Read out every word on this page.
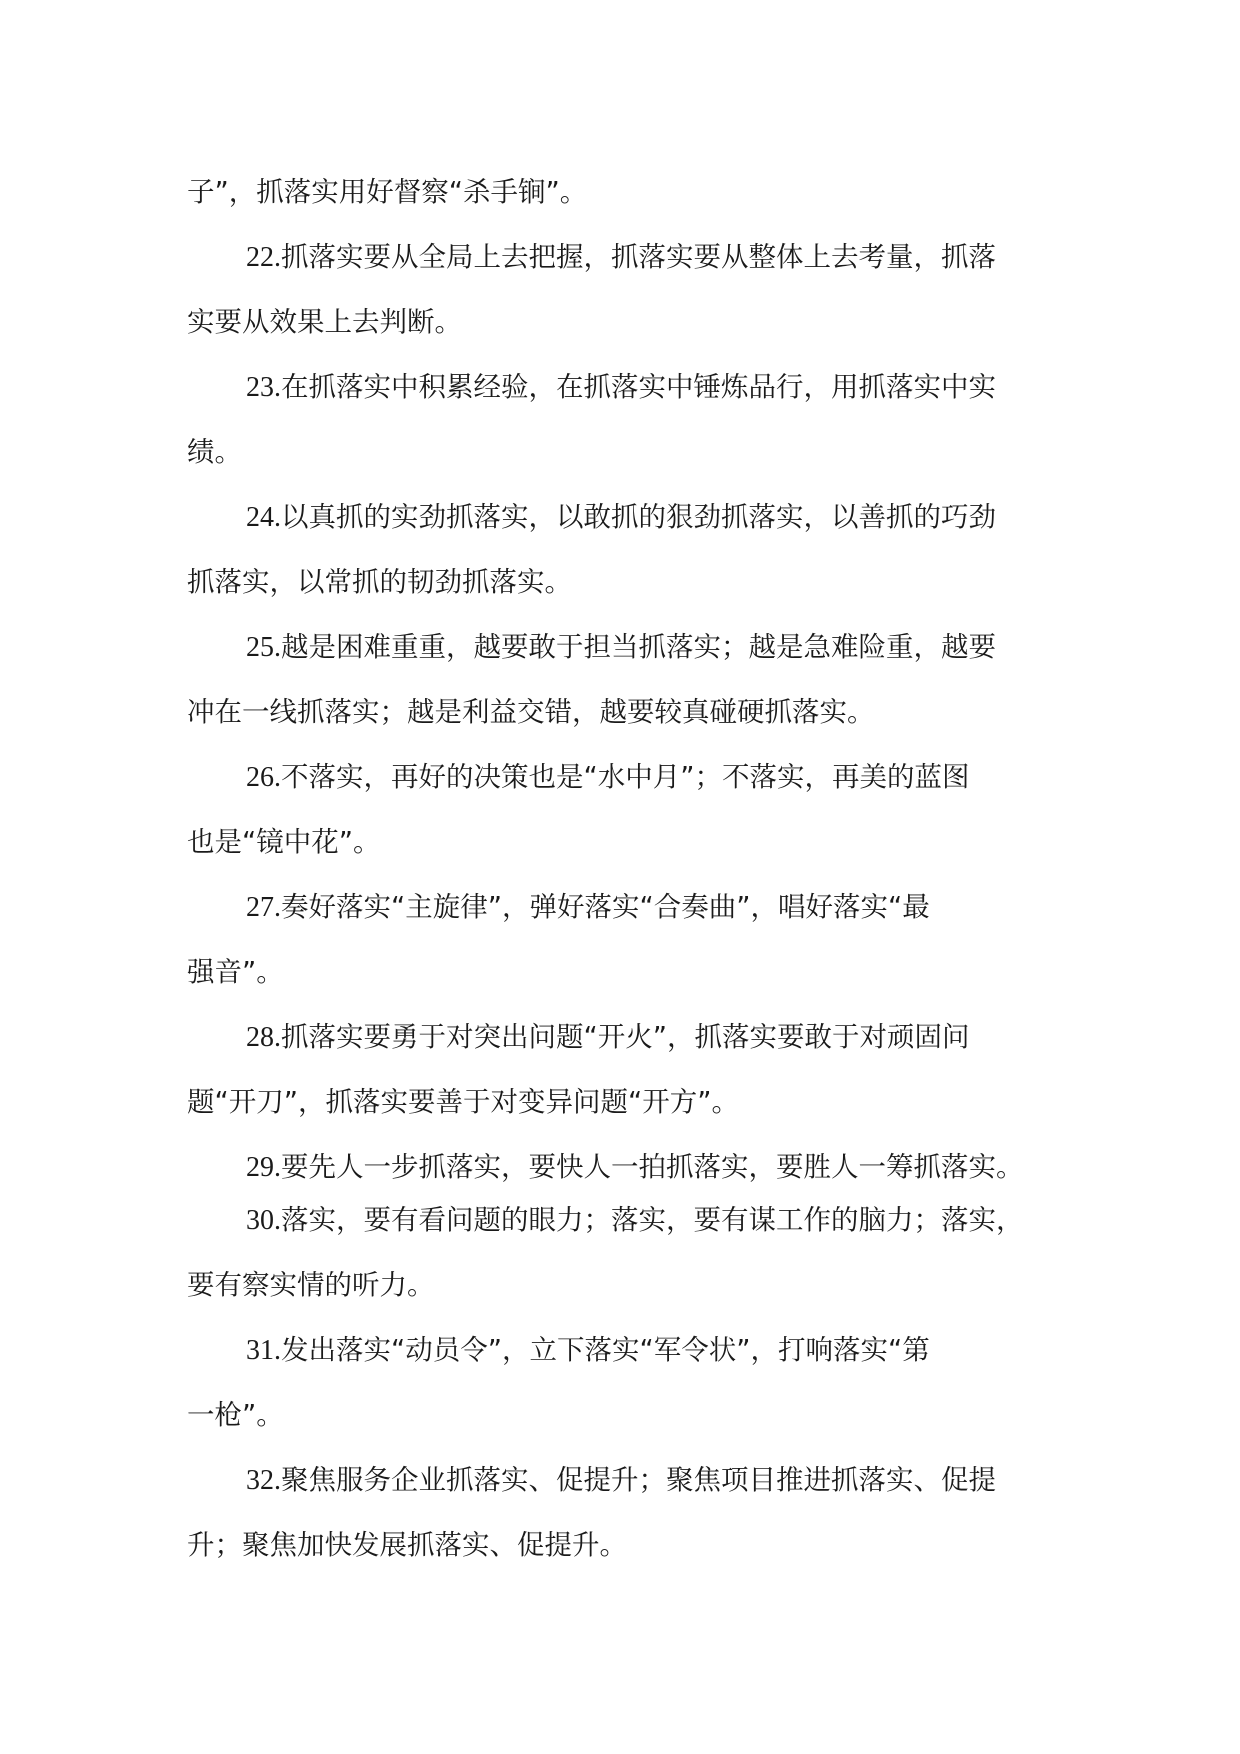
子”，抓落实用好督察“杀手锏”。
22.抓落实要从全局上去把握，抓落实要从整体上去考量，抓落
实要从效果上去判断。
23.在抓落实中积累经验，在抓落实中锤炼品行，用抓落实中实
绩。
24.以真抓的实劲抓落实，以敢抓的狠劲抓落实，以善抓的巧劲
抓落实，以常抓的韧劲抓落实。
25.越是困难重重，越要敢于担当抓落实；越是急难险重，越要
冲在一线抓落实；越是利益交错，越要较真碰硬抓落实。
26.不落实，再好的决策也是“水中月”；不落实，再美的蓝图
也是“镜中花”。
27.奏好落实“主旋律”，弹好落实“合奏曲”，唱好落实“最
强音”。
28.抓落实要勇于对突出问题“开火”，抓落实要敢于对顽固问
题“开刀”，抓落实要善于对变异问题“开方”。
29.要先人一步抓落实，要快人一拍抓落实，要胜人一筹抓落实。
30.落实，要有看问题的眼力；落实，要有谋工作的脑力；落实，
要有察实情的听力。
31.发出落实“动员令”，立下落实“军令状”，打响落实“第
一枪”。
32.聚焦服务企业抓落实、促提升；聚焦项目推进抓落实、促提
升；聚焦加快发展抓落实、促提升。
